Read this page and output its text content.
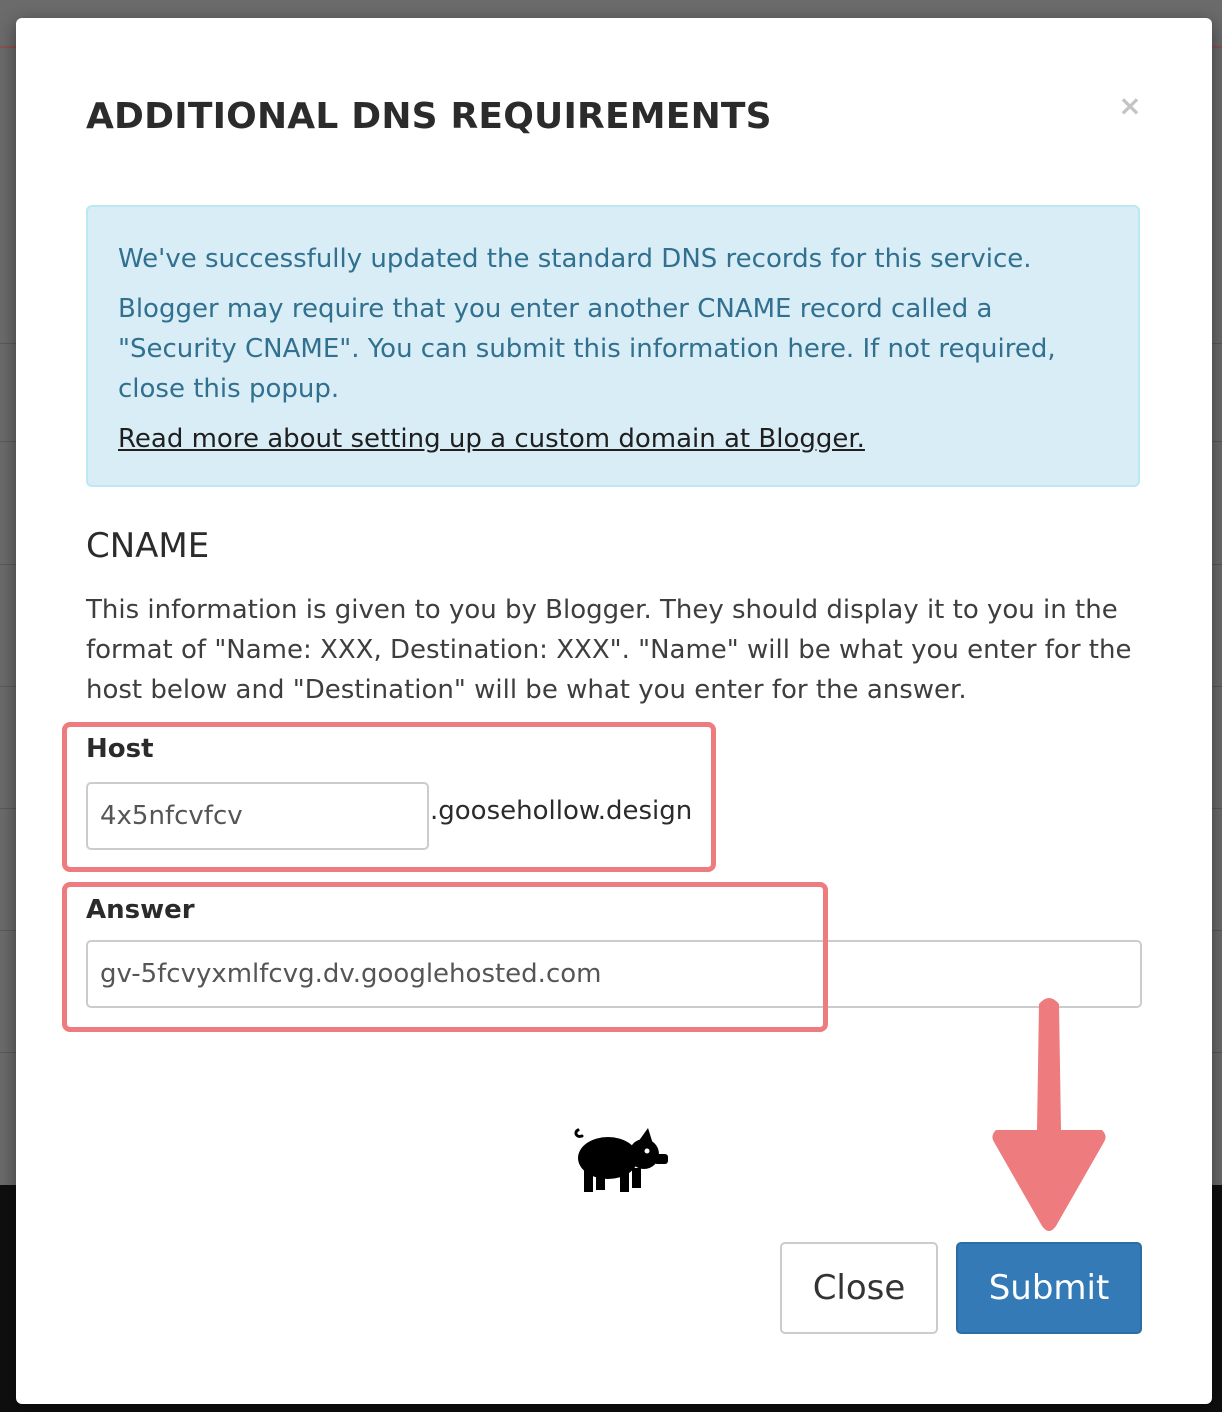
ADDITIONAL DNS REQUIREMENTS	×

We've successfully updated the standard DNS records for this service.

Blogger may require that you enter another CNAME record called a "Security CNAME". You can submit this information here. If not required, close this popup.

Read more about setting up a custom domain at Blogger.

CNAME

This information is given to you by Blogger. They should display it to you in the format of "Name: XXX, Destination: XXX". "Name" will be what you enter for the host below and "Destination" will be what you enter for the answer.

Host
4x5nfcvfcv
.goosehollow.design
Answer
gv-5fcvyxmlfcvg.dv.googlehosted.com
Close	Submit
